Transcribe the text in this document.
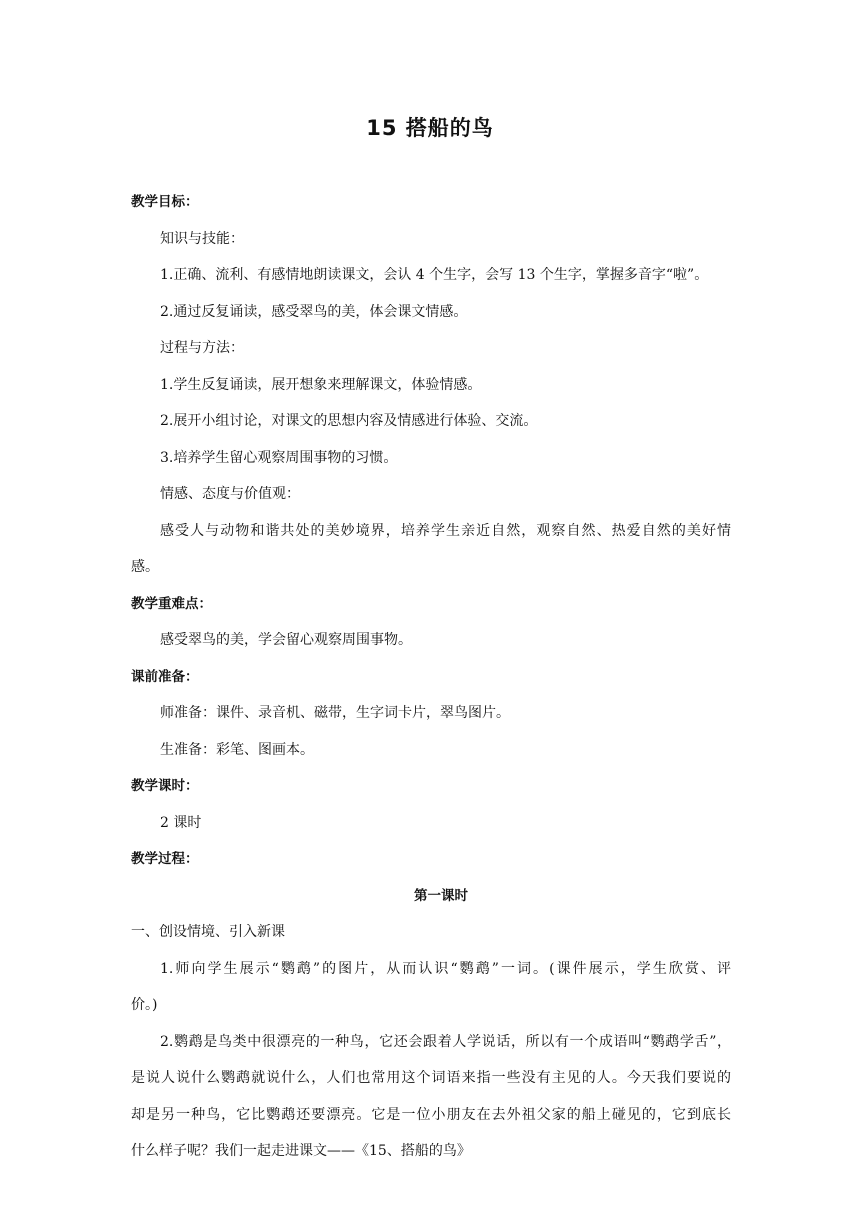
15 搭船的鸟
教学目标：
知识与技能：
1.正确、流利、有感情地朗读课文，会认 4 个生字，会写 13 个生字，掌握多音字“啦”。
2.通过反复诵读，感受翠鸟的美，体会课文情感。
过程与方法：
1.学生反复诵读，展开想象来理解课文，体验情感。
2.展开小组讨论，对课文的思想内容及情感进行体验、交流。
3.培养学生留心观察周围事物的习惯。
情感、态度与价值观：
感受人与动物和谐共处的美妙境界，培养学生亲近自然，观察自然、热爱自然的美好情
感。
教学重难点：
感受翠鸟的美，学会留心观察周围事物。
课前准备：
师准备：课件、录音机、磁带，生字词卡片，翠鸟图片。
生准备：彩笔、图画本。
教学课时：
2 课时
教学过程：
第一课时
一、创设情境、引入新课
1.师向学生展示“鹦鹉”的图片，从而认识“鹦鹉”一词。(课件展示，学生欣赏、评
价。)
2.鹦鹉是鸟类中很漂亮的一种鸟，它还会跟着人学说话，所以有一个成语叫“鹦鹉学舌”，
是说人说什么鹦鹉就说什么，人们也常用这个词语来指一些没有主见的人。今天我们要说的
却是另一种鸟，它比鹦鹉还要漂亮。它是一位小朋友在去外祖父家的船上碰见的，它到底长
什么样子呢？我们一起走进课文——《15、搭船的鸟》
